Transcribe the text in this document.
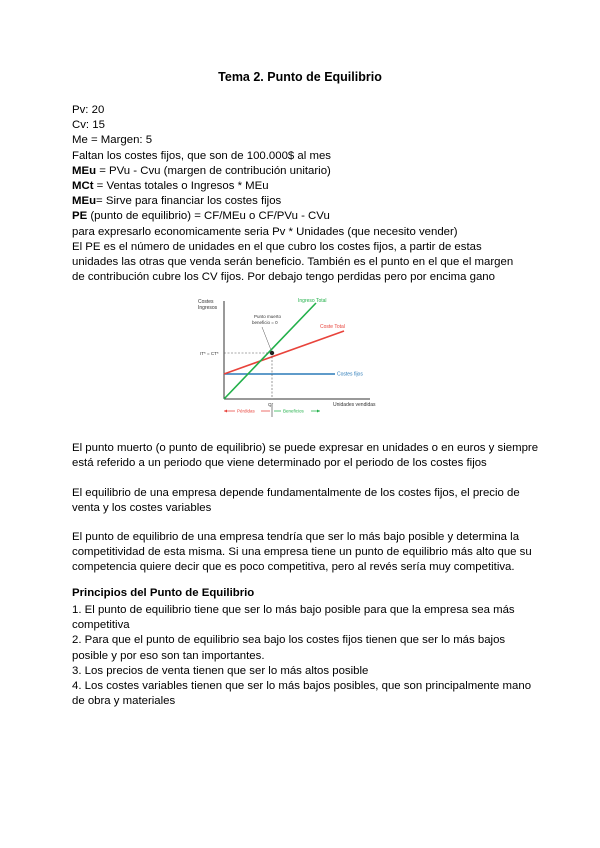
Tema 2. Punto de Equilibrio
Pv: 20
Cv: 15
Me = Margen: 5
Faltan los costes fijos, que son de 100.000$ al mes
MEu = PVu - Cvu (margen de contribución unitario)
MCt = Ventas totales o Ingresos * MEu
MEu= Sirve para financiar los costes fijos
PE (punto de equilibrio) = CF/MEu o CF/PVu - CVu
para expresarlo economicamente seria Pv * Unidades (que necesito vender)
El PE es el número de unidades en el que cubro los costes fijos, a partir de estas unidades las otras que venda serán beneficio. También es el punto en el que el margen de contribución cubre los CV fijos. Por debajo tengo perdidas pero por encima gano
Costes
Ingresos
Unidades vendidas
Costes fijos
Coste Total
Ingreso Total
Punto muerto
beneficio = 0
IT* = CT*
Q*
Pérdidas	Beneficios
El punto muerto (o punto de equilibrio) se puede expresar en unidades o en euros y siempre está referido a un periodo que viene determinado por el periodo de los costes fijos
El equilibrio de una empresa depende fundamentalmente de los costes fijos, el precio de venta y los costes variables
El punto de equilibrio de una empresa tendría que ser lo más bajo posible y determina la competitividad de esta misma. Si una empresa tiene un punto de equilibrio más alto que su competencia quiere decir que es poco competitiva, pero al revés sería muy competitiva.
Principios del Punto de Equilibrio
1. El punto de equilibrio tiene que ser lo más bajo posible para que la empresa sea más competitiva
2. Para que el punto de equilibrio sea bajo los costes fijos tienen que ser lo más bajos posible y por eso son tan importantes.
3. Los precios de venta tienen que ser lo más altos posible
4. Los costes variables tienen que ser lo más bajos posibles, que son principalmente mano de obra y materiales
